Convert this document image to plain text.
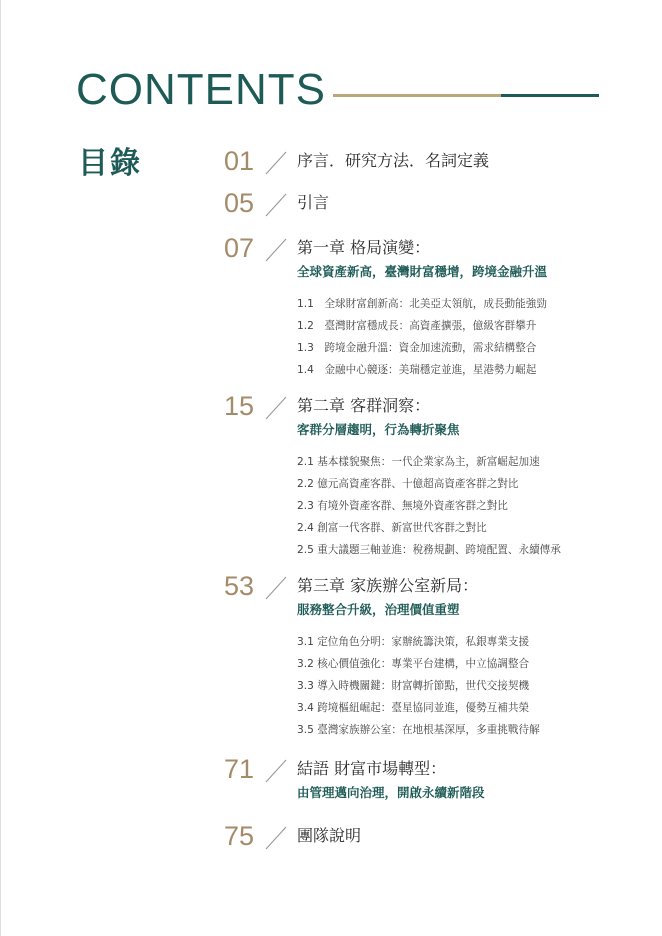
CONTENTS
目錄	01	序言．研究方法．名詞定義
05	引言
07	第一章 格局演變：
全球資產新高，臺灣財富穩增，跨境金融升溫
1.1　全球財富創新高：北美亞太領航，成長動能強勁
1.2　臺灣財富穩成長：高資產擴張，億級客群攀升
1.3　跨境金融升溫：資金加速流動，需求結構整合
1.4　金融中心競逐：美瑞穩定並進，星港勢力崛起
15	第二章 客群洞察：
客群分層趨明，行為轉折聚焦
2.1 基本樣貌聚焦：一代企業家為主，新富崛起加速
2.2 億元高資產客群、十億超高資產客群之對比
2.3 有境外資產客群、無境外資產客群之對比
2.4 創富一代客群、新富世代客群之對比
2.5 重大議題三軸並進：稅務規劃、跨境配置、永續傳承
53	第三章 家族辦公室新局：
服務整合升級，治理價值重塑
3.1 定位角色分明：家辦統籌決策，私銀專業支援
3.2 核心價值強化：專業平台建構，中立協調整合
3.3 導入時機關鍵：財富轉折節點，世代交接契機
3.4 跨境樞紐崛起：臺星協同並進，優勢互補共榮
3.5 臺灣家族辦公室：在地根基深厚，多重挑戰待解
71	結語 財富市場轉型：
由管理邁向治理，開啟永續新階段
75	團隊說明
